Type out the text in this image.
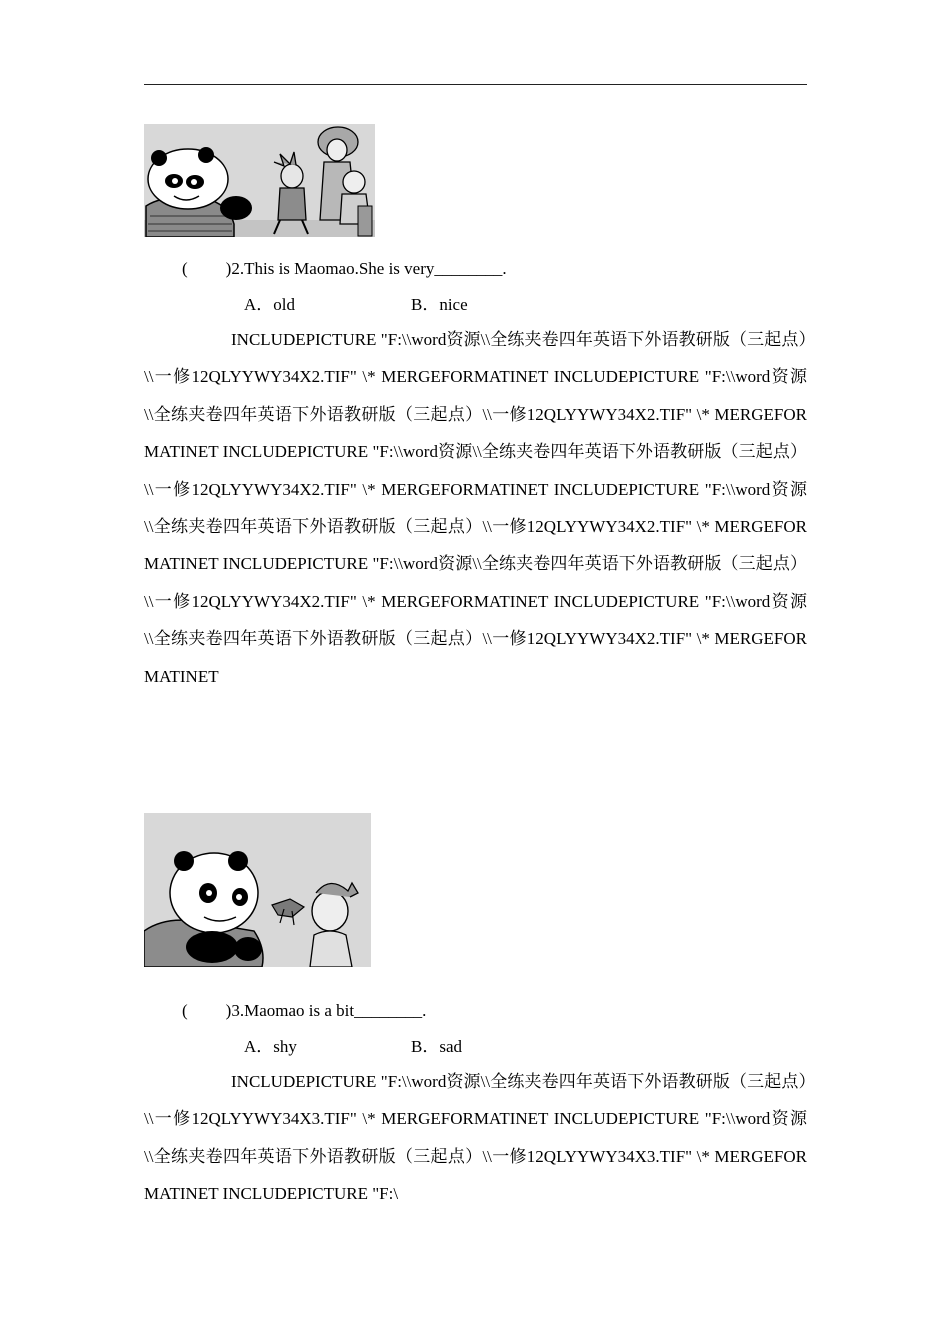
( )2.This is Maomao.She is very________.
A．old	B．nice
INCLUDEPICTURE "F:\\word资源\\全练夹卷四年英语下外语教研版（三起点）\\一修12QLYYWY34X2.TIF" \* MERGEFORMATINET INCLUDEPICTURE "F:\\word资源\\全练夹卷四年英语下外语教研版（三起点）\\一修12QLYYWY34X2.TIF" \* MERGEFORMATINET INCLUDEPICTURE "F:\\word资源\\全练夹卷四年英语下外语教研版（三起点）\\一修12QLYYWY34X2.TIF" \* MERGEFORMATINET INCLUDEPICTURE "F:\\word资源\\全练夹卷四年英语下外语教研版（三起点）\\一修12QLYYWY34X2.TIF" \* MERGEFORMATINET INCLUDEPICTURE "F:\\word资源\\全练夹卷四年英语下外语教研版（三起点）\\一修12QLYYWY34X2.TIF" \* MERGEFORMATINET INCLUDEPICTURE "F:\\word资源\\全练夹卷四年英语下外语教研版（三起点）\\一修12QLYYWY34X2.TIF" \* MERGEFORMATINET
( )3.Maomao is a bit________.
A．shy	B．sad
INCLUDEPICTURE "F:\\word资源\\全练夹卷四年英语下外语教研版（三起点）\\一修12QLYYWY34X3.TIF" \* MERGEFORMATINET INCLUDEPICTURE "F:\\word资源\\全练夹卷四年英语下外语教研版（三起点）\\一修12QLYYWY34X3.TIF" \* MERGEFORMATINET INCLUDEPICTURE "F:\
